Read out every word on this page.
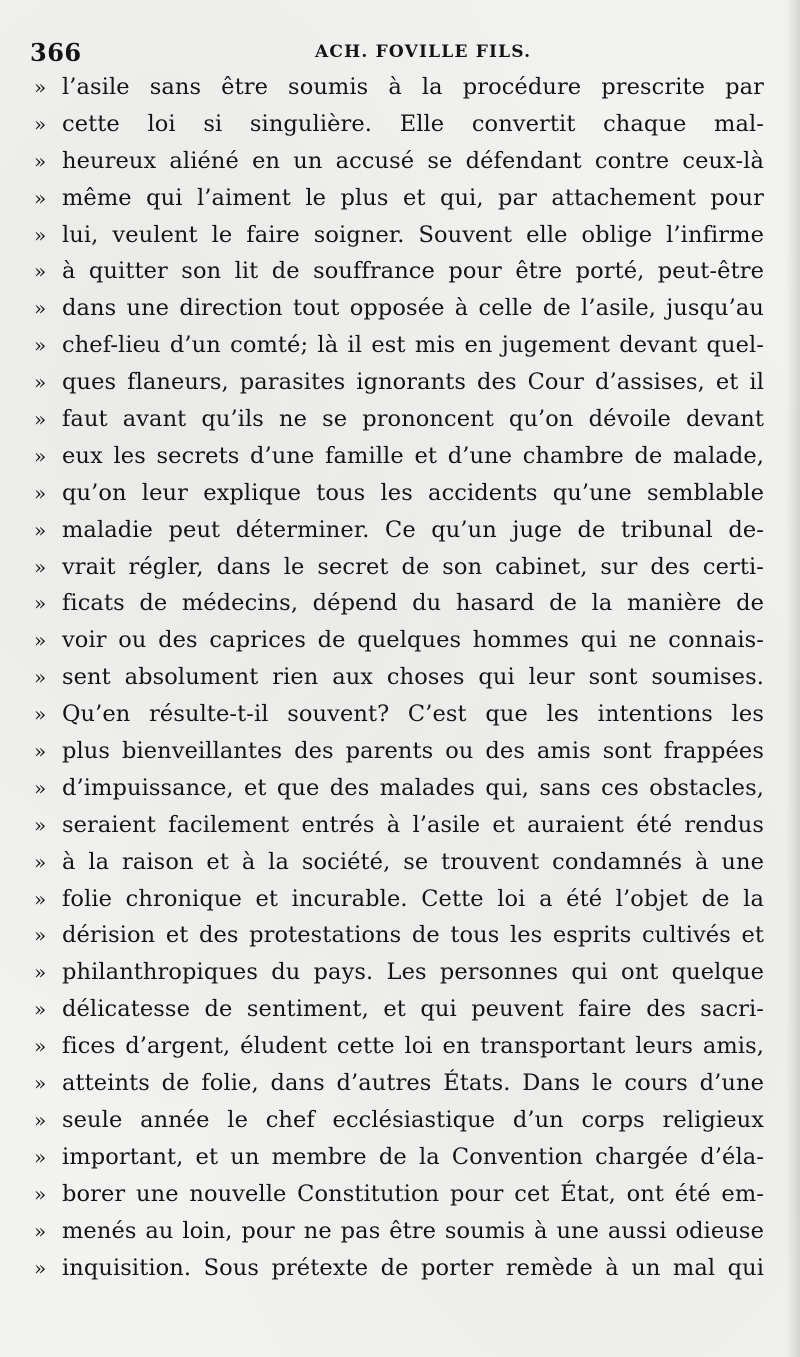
366	ACH. FOVILLE FILS.
» l’asile sans être soumis à la procédure prescrite par
» cette loi si singulière. Elle convertit chaque mal-
» heureux aliéné en un accusé se défendant contre ceux-là
» même qui l’aiment le plus et qui, par attachement pour
» lui, veulent le faire soigner. Souvent elle oblige l’infirme
» à quitter son lit de souffrance pour être porté, peut-être
» dans une direction tout opposée à celle de l’asile, jusqu’au
» chef-lieu d’un comté; là il est mis en jugement devant quel-
» ques flaneurs, parasites ignorants des Cour d’assises, et il
» faut avant qu’ils ne se prononcent qu’on dévoile devant
» eux les secrets d’une famille et d’une chambre de malade,
» qu’on leur explique tous les accidents qu’une semblable
» maladie peut déterminer. Ce qu’un juge de tribunal de-
» vrait régler, dans le secret de son cabinet, sur des certi-
» ficats de médecins, dépend du hasard de la manière de
» voir ou des caprices de quelques hommes qui ne connais-
» sent absolument rien aux choses qui leur sont soumises.
» Qu’en résulte-t-il souvent? C’est que les intentions les
» plus bienveillantes des parents ou des amis sont frappées
» d’impuissance, et que des malades qui, sans ces obstacles,
» seraient facilement entrés à l’asile et auraient été rendus
» à la raison et à la société, se trouvent condamnés à une
» folie chronique et incurable. Cette loi a été l’objet de la
» dérision et des protestations de tous les esprits cultivés et
» philanthropiques du pays. Les personnes qui ont quelque
» délicatesse de sentiment, et qui peuvent faire des sacri-
» fices d’argent, éludent cette loi en transportant leurs amis,
» atteints de folie, dans d’autres États. Dans le cours d’une
» seule année le chef ecclésiastique d’un corps religieux
» important, et un membre de la Convention chargée d’éla-
» borer une nouvelle Constitution pour cet État, ont été em-
» menés au loin, pour ne pas être soumis à une aussi odieuse
» inquisition. Sous prétexte de porter remède à un mal qui
